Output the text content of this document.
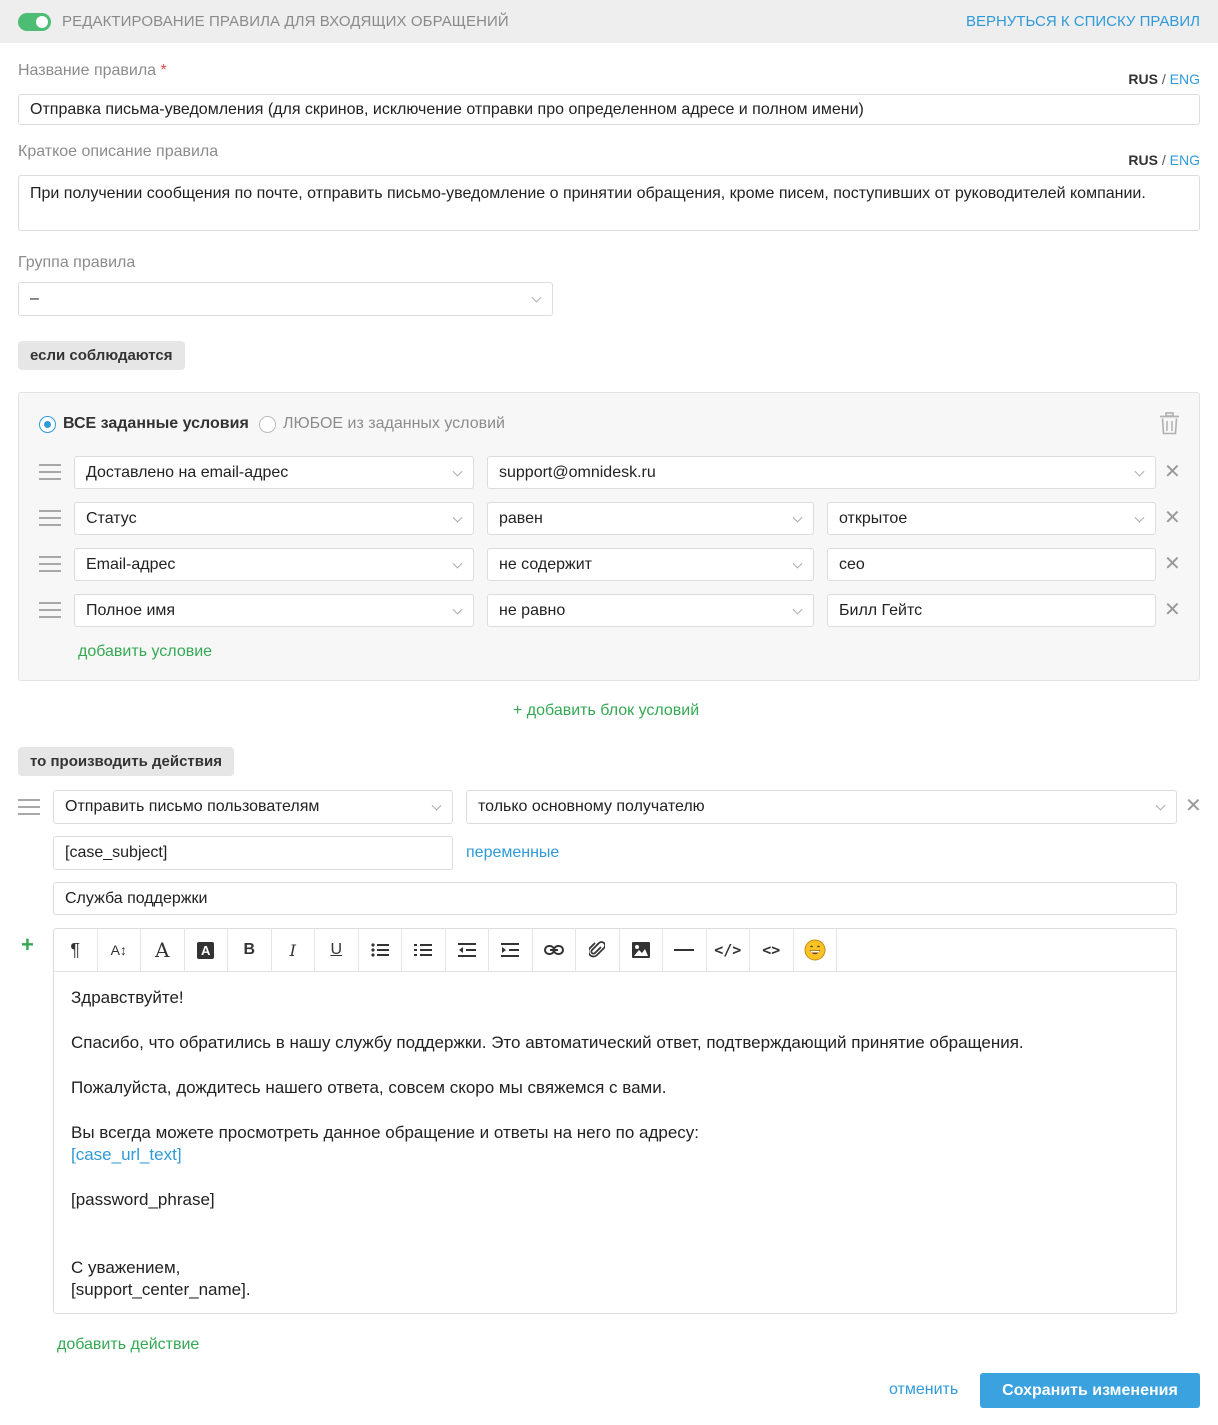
РЕДАКТИРОВАНИЕ ПРАВИЛА ДЛЯ ВХОДЯЩИХ ОБРАЩЕНИЙ	ВЕРНУТЬСЯ К СПИСКУ ПРАВИЛ
Название правила *	RUS / ENG
Отправка письма-уведомления (для скринов, исключение отправки про определенном адресе и полном имени)
Краткое описание правила	RUS / ENG
При получении сообщения по почте, отправить письмо-уведомление о принятии обращения, кроме писем, поступивших от руководителей компании.
Группа правила
–
если соблюдаются
ВСЕ заданные условия ЛЮБОЕ из заданных условий
Доставлено на email-адрес	support@omnidesk.ru	✕
Статус	равен	открытое	✕
Email-адрес	не содержит	сео	✕
Полное имя	не равно	Билл Гейтс	✕
добавить условие
+ добавить блок условий
то производить действия
Отправить письмо пользователям	только основному получателю	✕
[case_subject]	переменные
Служба поддержки
+ ¶ A↕ A A B I U	</> <>

Здравствуйте!

Спасибо, что обратились в нашу службу поддержки. Это автоматический ответ, подтверждающий принятие обращения.

Пожалуйста, дождитесь нашего ответа, совсем скоро мы свяжемся с вами.

Вы всегда можете просмотреть данное обращение и ответы на него по адресу:

[case_url_text]

[password_phrase]

С уважением,

[support_center_name].

добавить действие
отменить	Сохранить изменения
